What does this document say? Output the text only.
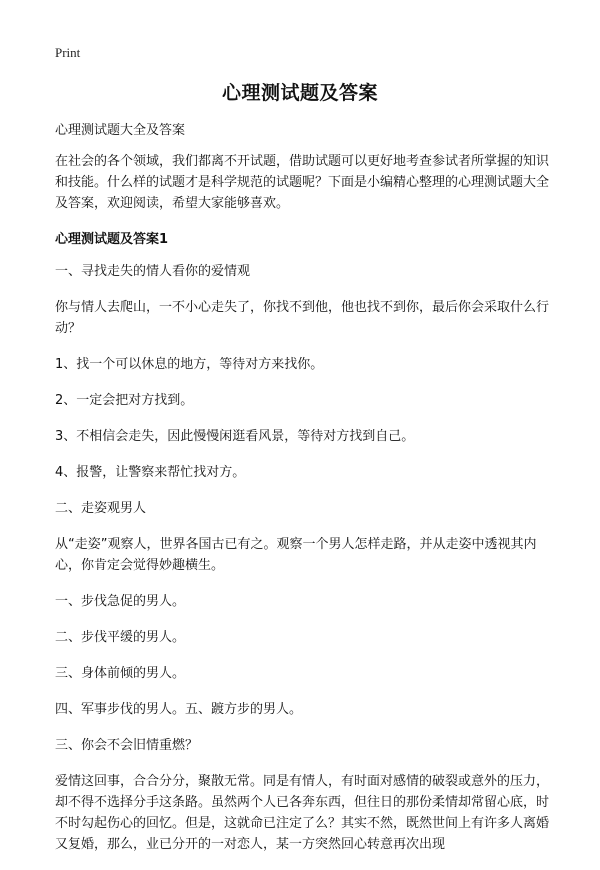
Print
心理测试题及答案

心理测试题大全及答案

在社会的各个领域，我们都离不开试题，借助试题可以更好地考查参试者所掌握的知识和技能。什么样的试题才是科学规范的试题呢？下面是小编精心整理的心理测试题大全及答案，欢迎阅读，希望大家能够喜欢。

心理测试题及答案1

一、寻找走失的情人看你的爱情观

你与情人去爬山，一不小心走失了，你找不到他，他也找不到你，最后你会采取什么行动？

1、找一个可以休息的地方，等待对方来找你。

2、一定会把对方找到。

3、不相信会走失，因此慢慢闲逛看风景，等待对方找到自己。

4、报警，让警察来帮忙找对方。

二、走姿观男人

从“走姿”观察人，世界各国古已有之。观察一个男人怎样走路，并从走姿中透视其内心，你肯定会觉得妙趣横生。

一、步伐急促的男人。

二、步伐平缓的男人。

三、身体前倾的男人。

四、军事步伐的男人。五、踱方步的男人。

三、你会不会旧情重燃？

爱情这回事，合合分分，聚散无常。同是有情人，有时面对感情的破裂或意外的压力，却不得不选择分手这条路。虽然两个人已各奔东西，但往日的那份柔情却常留心底，时不时勾起伤心的回忆。但是，这就命已注定了么？其实不然，既然世间上有许多人离婚又复婚，那么，业已分开的一对恋人，某一方突然回心转意再次出现
